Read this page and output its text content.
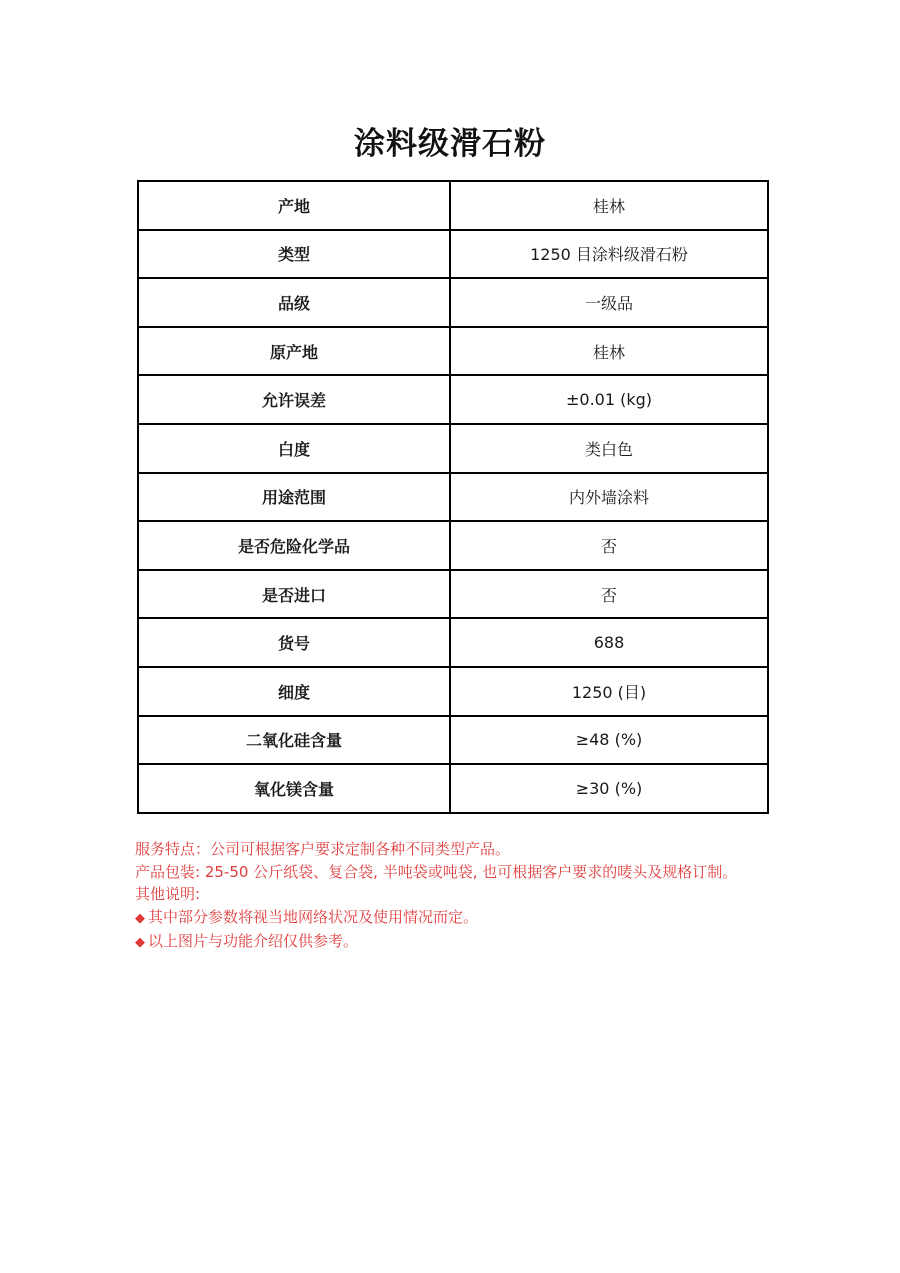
涂料级滑石粉
产地	桂林
类型	1250 目涂料级滑石粉
品级	一级品
原产地	桂林
允许误差	±0.01 (kg)
白度	类白色
用途范围	内外墙涂料
是否危险化学品	否
是否进口	否
货号	688
细度	1250 (目)
二氧化硅含量	≥48 (%)
氧化镁含量	≥30 (%)

服务特点：公司可根据客户要求定制各种不同类型产品。

产品包装: 25-50 公斤纸袋、复合袋, 半吨袋或吨袋, 也可根据客户要求的唛头及规格订制。

其他说明:

◆ 其中部分参数将视当地网络状况及使用情况而定。

◆ 以上图片与功能介绍仅供参考。
